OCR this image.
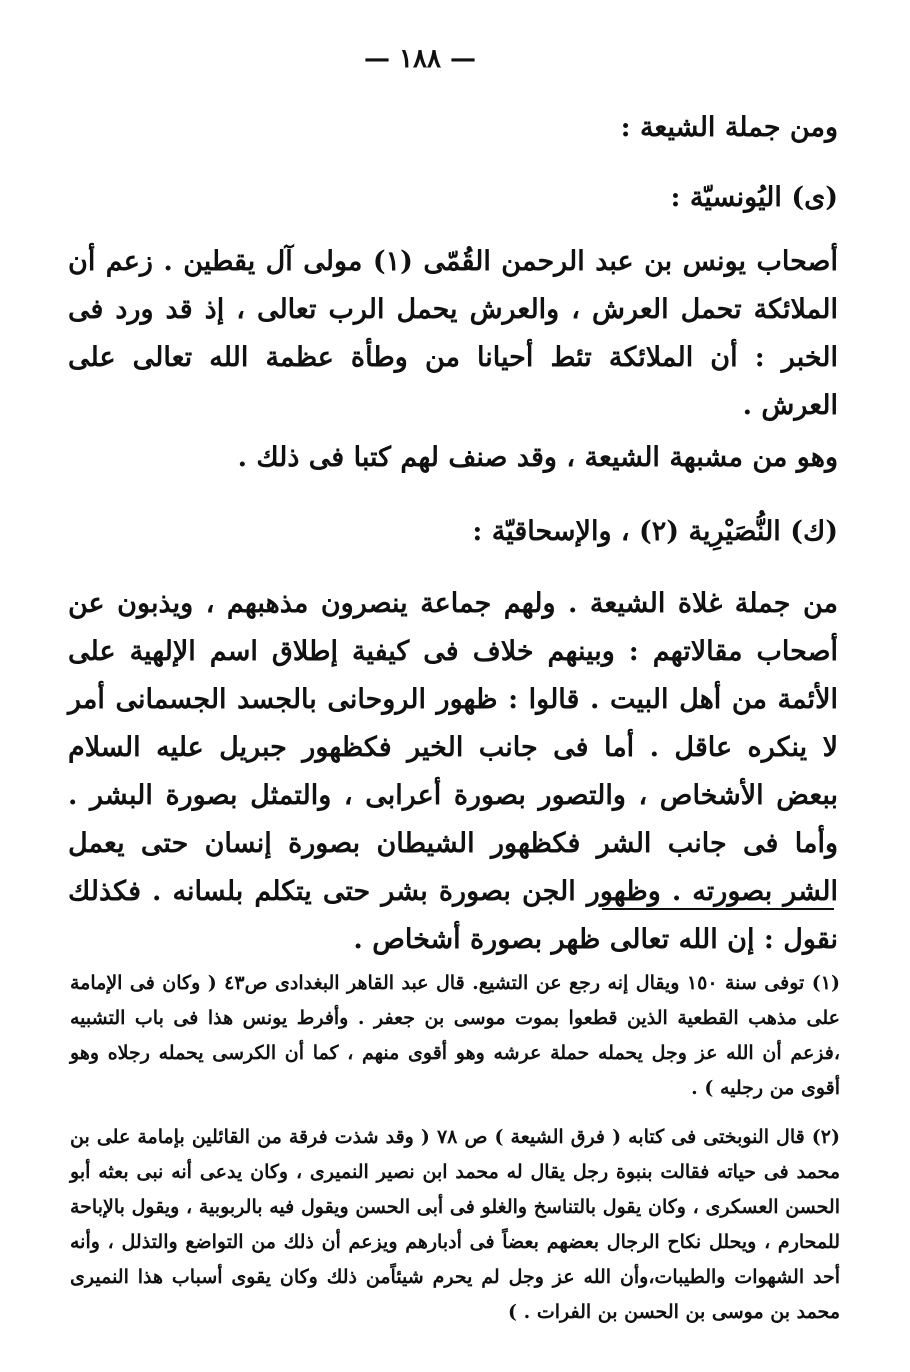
— ١٨٨ —

ومن جملة الشيعة :

(ى) اليُونسيّة :

أصحاب يونس بن عبد الرحمن القُمّى (١) مولى آل يقطين . زعم أن الملائكة تحمل العرش ، والعرش يحمل الرب تعالى ، إذ قد ورد فى الخبر : أن الملائكة تئط أحيانا من وطأة عظمة الله تعالى على العرش .

وهو من مشبهة الشيعة ، وقد صنف لهم كتبا فى ذلك .

(ك) النُّصَيْرِية (٢) ، والإسحاقيّة :

من جملة غلاة الشيعة . ولهم جماعة ينصرون مذهبهم ، ويذبون عن أصحاب مقالاتهم : وبينهم خلاف فى كيفية إطلاق اسم الإلهية على الأئمة من أهل البيت . قالوا : ظهور الروحانى بالجسد الجسمانى أمر لا ينكره عاقل . أما فى جانب الخير فكظهور جبريل عليه السلام ببعض الأشخاص ، والتصور بصورة أعرابى ، والتمثل بصورة البشر . وأما فى جانب الشر فكظهور الشيطان بصورة إنسان حتى يعمل الشر بصورته . وظهور الجن بصورة بشر حتى يتكلم بلسانه . فكذلك نقول : إن الله تعالى ظهر بصورة أشخاص .

(١) توفى سنة ١٥٠ ويقال إنه رجع عن التشيع. قال عبد القاهر البغدادى ص٤٣ ( وكان فى الإمامة على مذهب القطعية الذين قطعوا بموت موسى بن جعفر . وأفرط يونس هذا فى باب التشبيه ،فزعم أن الله عز وجل يحمله حملة عرشه وهو أقوى منهم ، كما أن الكرسى يحمله رجلاه وهو أقوى من رجليه ) .

(٢) قال النوبختى فى كتابه ( فرق الشيعة ) ص ٧٨ ( وقد شذت فرقة من القائلين بإمامة على بن محمد فى حياته فقالت بنبوة رجل يقال له محمد ابن نصير النميرى ، وكان يدعى أنه نبى بعثه أبو الحسن العسكرى ، وكان يقول بالتناسخ والغلو فى أبى الحسن ويقول فيه بالربوبية ، ويقول بالإباحة للمحارم ، ويحلل نكاح الرجال بعضهم بعضاً فى أدبارهم ويزعم أن ذلك من التواضع والتذلل ، وأنه أحد الشهوات والطيبات،وأن الله عز وجل لم يحرم شيئاًمن ذلك وكان يقوى أسباب هذا النميرى محمد بن موسى بن الحسن بن الفرات . )
